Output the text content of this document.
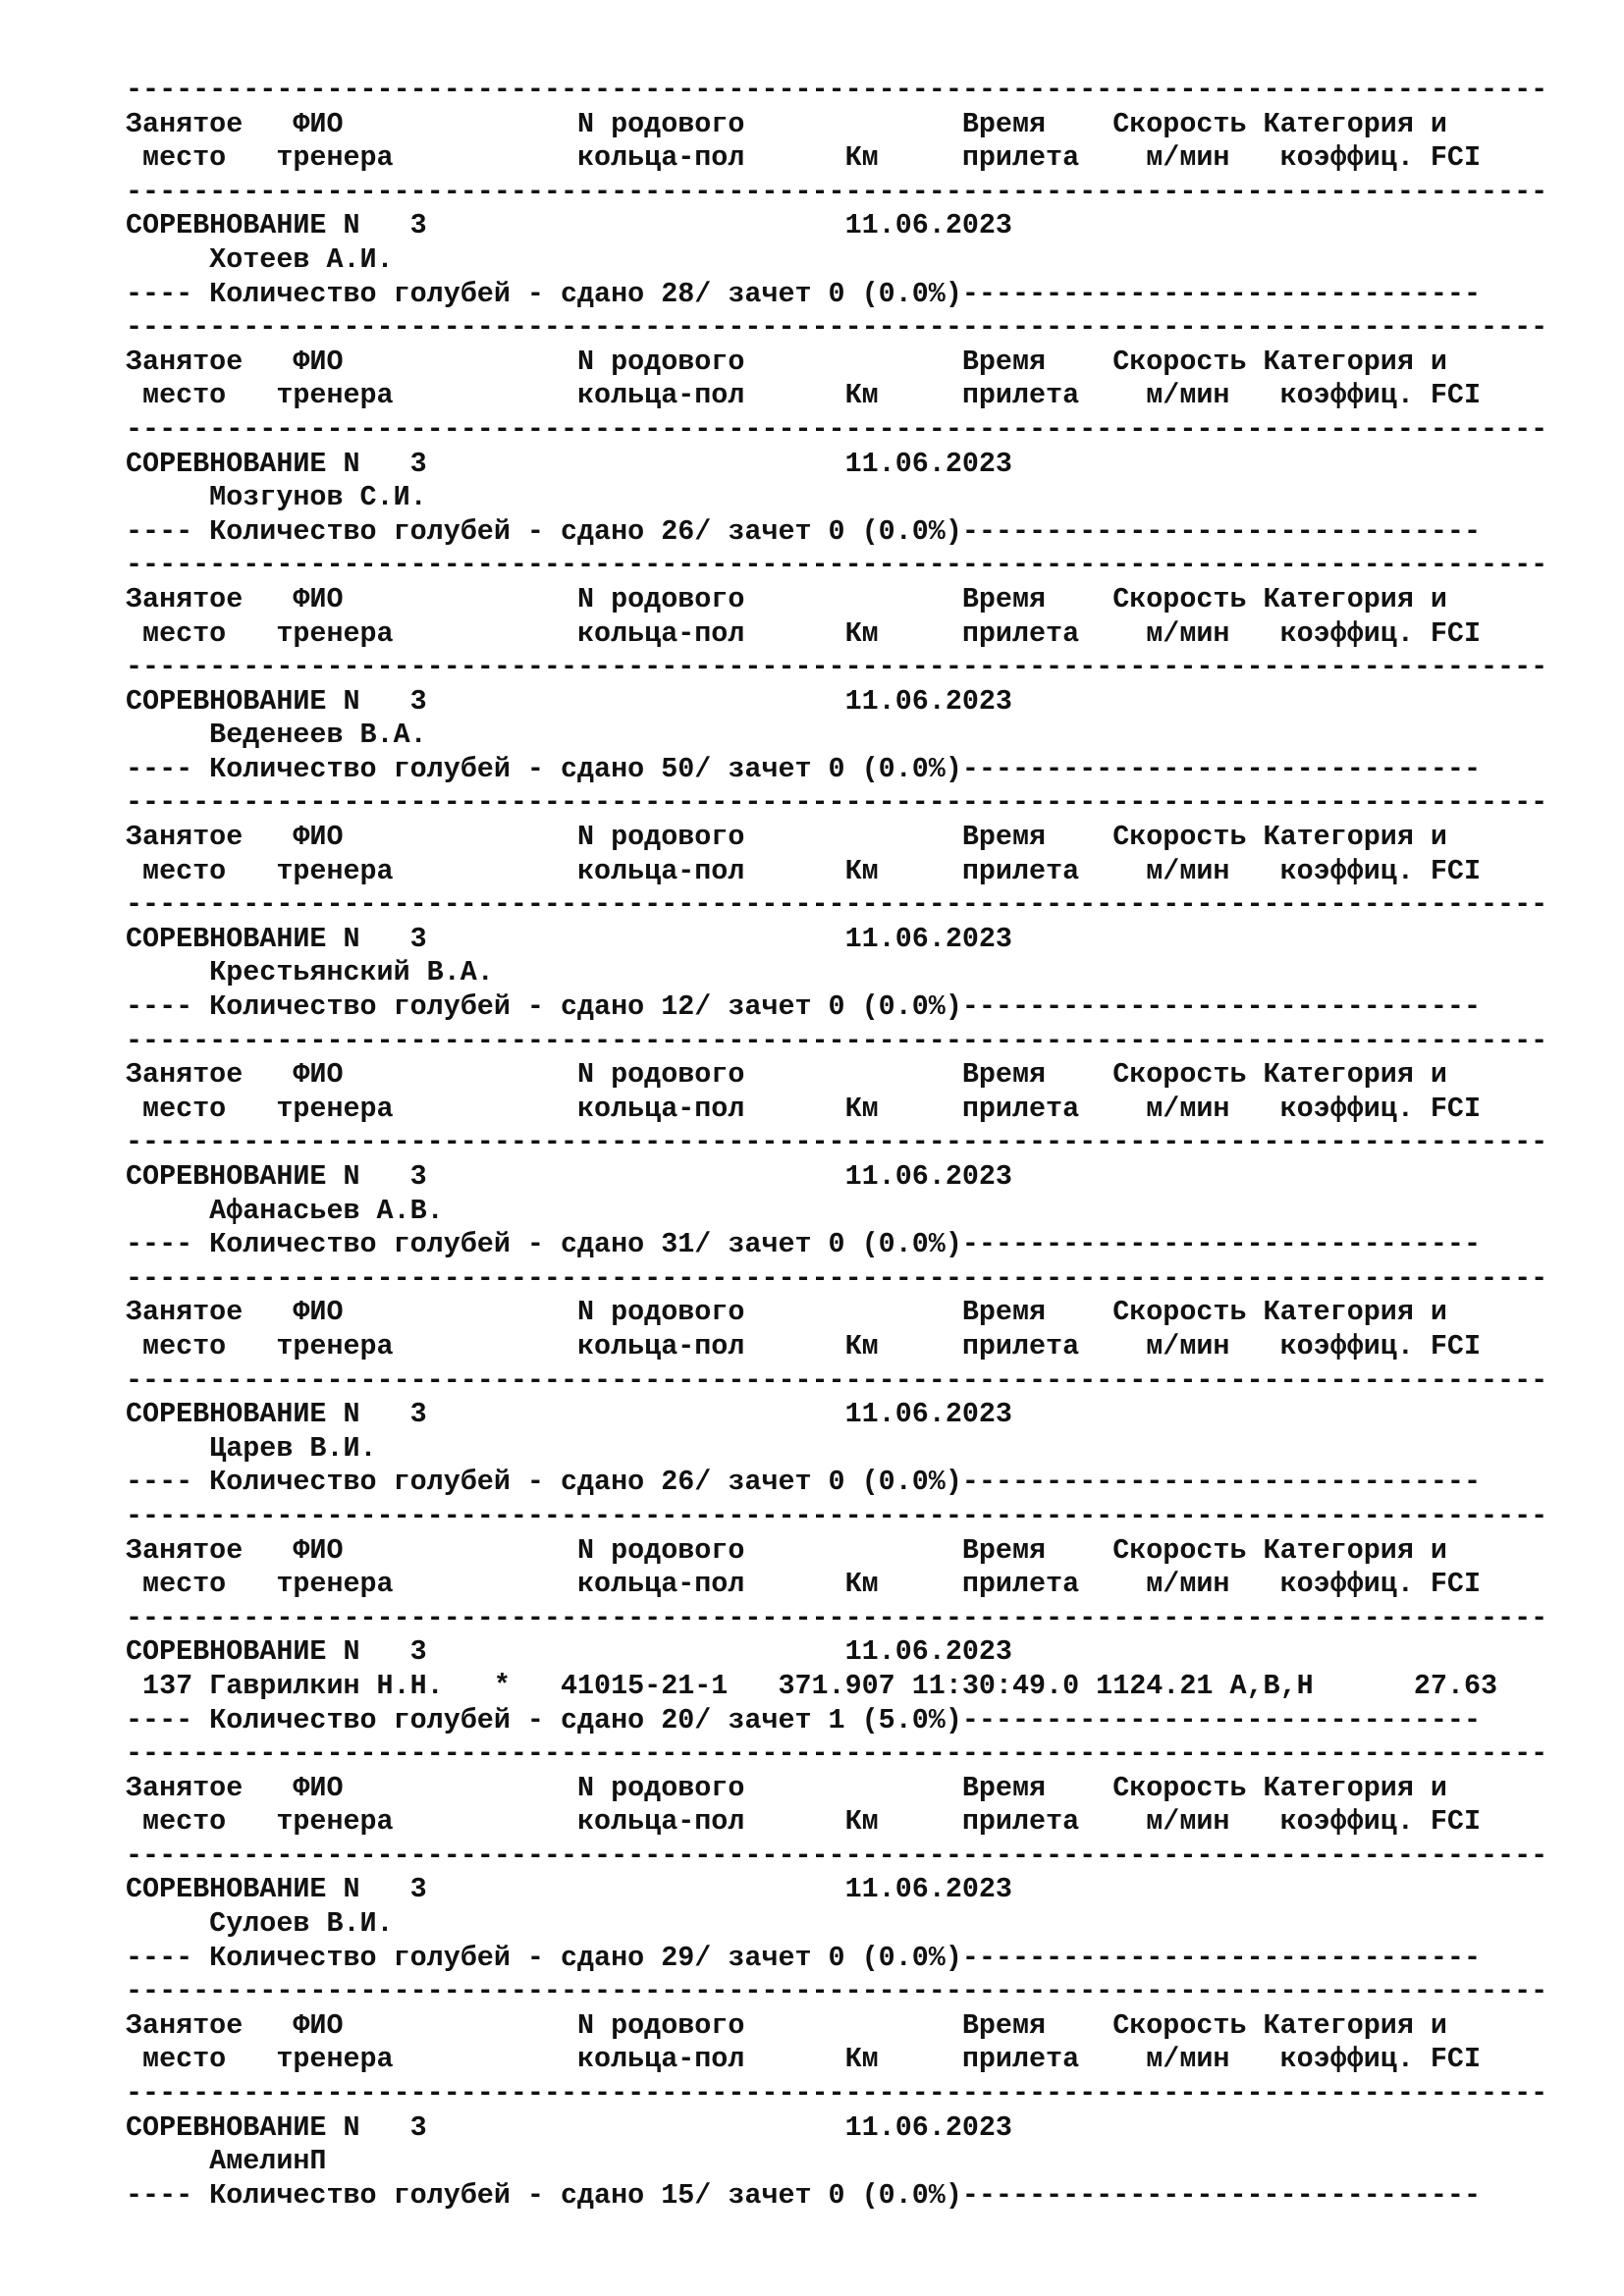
-------------------------------------------------------------------------------------
Занятое   ФИО              N родового             Время    Скорость Категория и
место   тренера           кольца-пол      Км     прилета    м/мин   коэффиц. FCI
-------------------------------------------------------------------------------------
СОРЕВНОВАНИЕ N   3                         11.06.2023
Хотеев А.И.
---- Количество голубей - сдано 28/ зачет 0 (0.0%)-------------------------------
-------------------------------------------------------------------------------------
Занятое   ФИО              N родового             Время    Скорость Категория и
место   тренера           кольца-пол      Км     прилета    м/мин   коэффиц. FCI
-------------------------------------------------------------------------------------
СОРЕВНОВАНИЕ N   3                         11.06.2023
Мозгунов С.И.
---- Количество голубей - сдано 26/ зачет 0 (0.0%)-------------------------------
-------------------------------------------------------------------------------------
Занятое   ФИО              N родового             Время    Скорость Категория и
место   тренера           кольца-пол      Км     прилета    м/мин   коэффиц. FCI
-------------------------------------------------------------------------------------
СОРЕВНОВАНИЕ N   3                         11.06.2023
Веденеев В.А.
---- Количество голубей - сдано 50/ зачет 0 (0.0%)-------------------------------
-------------------------------------------------------------------------------------
Занятое   ФИО              N родового             Время    Скорость Категория и
место   тренера           кольца-пол      Км     прилета    м/мин   коэффиц. FCI
-------------------------------------------------------------------------------------
СОРЕВНОВАНИЕ N   3                         11.06.2023
Крестьянский В.А.
---- Количество голубей - сдано 12/ зачет 0 (0.0%)-------------------------------
-------------------------------------------------------------------------------------
Занятое   ФИО              N родового             Время    Скорость Категория и
место   тренера           кольца-пол      Км     прилета    м/мин   коэффиц. FCI
-------------------------------------------------------------------------------------
СОРЕВНОВАНИЕ N   3                         11.06.2023
Афанасьев А.В.
---- Количество голубей - сдано 31/ зачет 0 (0.0%)-------------------------------
-------------------------------------------------------------------------------------
Занятое   ФИО              N родового             Время    Скорость Категория и
место   тренера           кольца-пол      Км     прилета    м/мин   коэффиц. FCI
-------------------------------------------------------------------------------------
СОРЕВНОВАНИЕ N   3                         11.06.2023
Царев В.И.
---- Количество голубей - сдано 26/ зачет 0 (0.0%)-------------------------------
-------------------------------------------------------------------------------------
Занятое   ФИО              N родового             Время    Скорость Категория и
место   тренера           кольца-пол      Км     прилета    м/мин   коэффиц. FCI
-------------------------------------------------------------------------------------
СОРЕВНОВАНИЕ N   3                         11.06.2023
137 Гаврилкин Н.Н.   *   41015-21-1   371.907 11:30:49.0 1124.21 A,B,H      27.63
---- Количество голубей - сдано 20/ зачет 1 (5.0%)-------------------------------
-------------------------------------------------------------------------------------
Занятое   ФИО              N родового             Время    Скорость Категория и
место   тренера           кольца-пол      Км     прилета    м/мин   коэффиц. FCI
-------------------------------------------------------------------------------------
СОРЕВНОВАНИЕ N   3                         11.06.2023
Сулоев В.И.
---- Количество голубей - сдано 29/ зачет 0 (0.0%)-------------------------------
-------------------------------------------------------------------------------------
Занятое   ФИО              N родового             Время    Скорость Категория и
место   тренера           кольца-пол      Км     прилета    м/мин   коэффиц. FCI
-------------------------------------------------------------------------------------
СОРЕВНОВАНИЕ N   3                         11.06.2023
АмелинП
---- Количество голубей - сдано 15/ зачет 0 (0.0%)-------------------------------
